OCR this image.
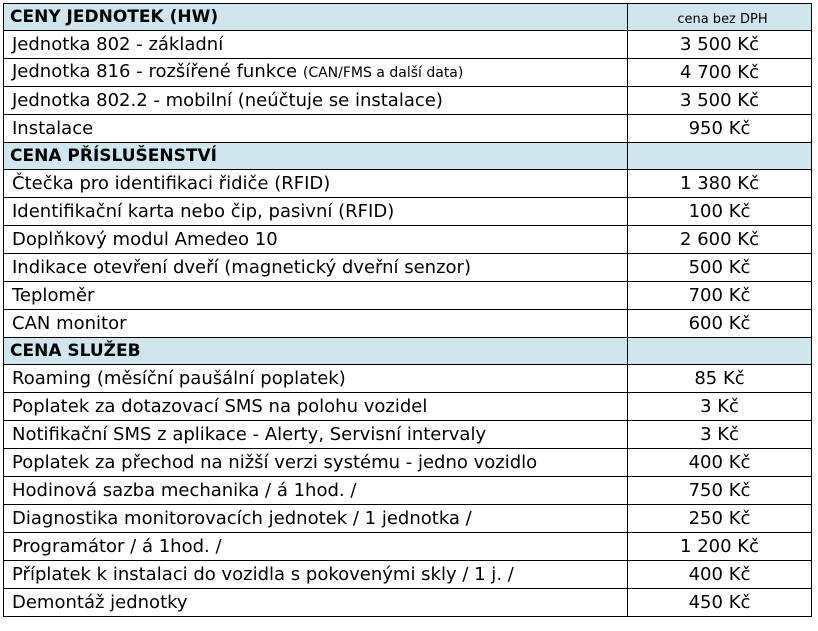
CENY JEDNOTEK (HW)	cena bez DPH
Jednotka 802 - základní	3 500 Kč
Jednotka 816 - rozšířené funkce (CAN/FMS a další data)	4 700 Kč
Jednotka 802.2 - mobilní (neúčtuje se instalace)	3 500 Kč
Instalace	950 Kč
CENA PŘÍSLUŠENSTVÍ	
Čtečka pro identifikaci řidiče (RFID)	1 380 Kč
Identifikační karta nebo čip, pasivní (RFID)	100 Kč
Doplňkový modul Amedeo 10	2 600 Kč
Indikace otevření dveří (magnetický dveřní senzor)	500 Kč
Teploměr	700 Kč
CAN monitor	600 Kč
CENA SLUŽEB	
Roaming (měsíční paušální poplatek)	85 Kč
Poplatek za dotazovací SMS na polohu vozidel	3 Kč
Notifikační SMS z aplikace - Alerty, Servisní intervaly	3 Kč
Poplatek za přechod na nižší verzi systému - jedno vozidlo	400 Kč
Hodinová sazba mechanika / á 1hod. /	750 Kč
Diagnostika monitorovacích jednotek / 1 jednotka /	250 Kč
Programátor / á 1hod. /	1 200 Kč
Příplatek k instalaci do vozidla s pokovenými skly / 1 j. /	400 Kč
Demontáž jednotky	450 Kč
